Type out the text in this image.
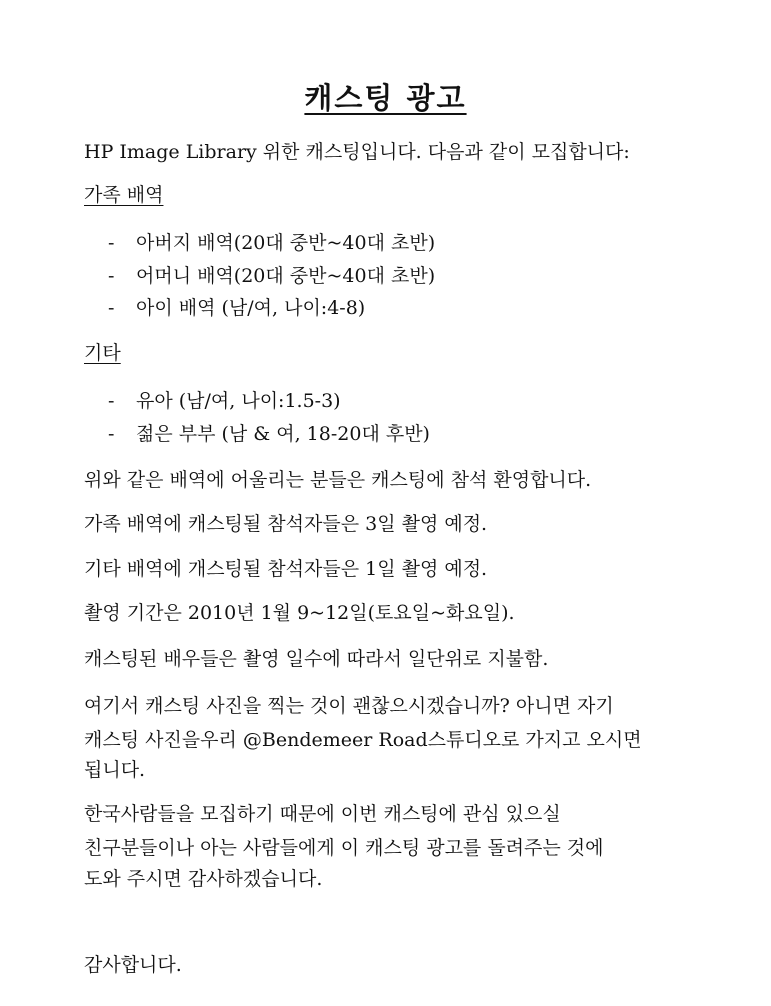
캐스팅 광고
HP Image Library 위한 캐스팅입니다. 다음과 같이 모집합니다:
가족 배역
- 아버지 배역(20대 중반~40대 초반)
- 어머니 배역(20대 중반~40대 초반)
- 아이 배역 (남/여, 나이:4-8)
기타
- 유아 (남/여, 나이:1.5-3)
- 젊은 부부 (남 & 여, 18-20대 후반)
위와 같은 배역에 어울리는 분들은 캐스팅에 참석 환영합니다.
가족 배역에 캐스팅될 참석자들은 3일 촬영 예정.
기타 배역에 개스팅될 참석자들은 1일 촬영 예정.
촬영 기간은 2010년 1월 9~12일(토요일~화요일).
캐스팅된 배우들은 촬영 일수에 따라서 일단위로 지불함.
여기서 캐스팅 사진을 찍는 것이 괜찮으시겠습니까? 아니면 자기
캐스팅 사진을우리 @Bendemeer Road스튜디오로 가지고 오시면
됩니다.
한국사람들을 모집하기 때문에 이번 캐스팅에 관심 있으실
친구분들이나 아는 사람들에게 이 캐스팅 광고를 돌려주는 것에
도와 주시면 감사하겠습니다.
감사합니다.
